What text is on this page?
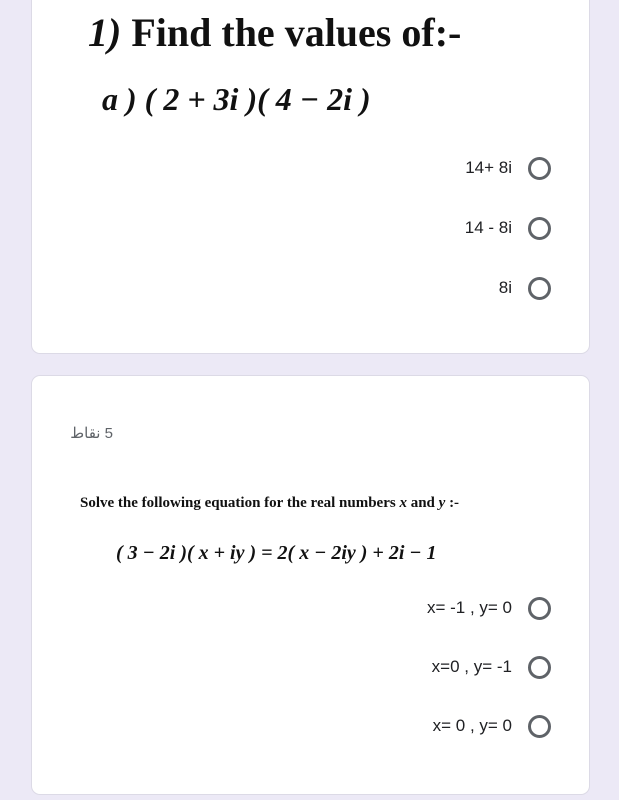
1) Find the values of:-
a ) ( 2 + 3i )( 4 − 2i )
14+ 8i
14 - 8i
8i
5 نقاط
Solve the following equation for the real numbers x and y :-
( 3 − 2i )( x + iy ) = 2( x − 2iy ) + 2i − 1
x= -1 , y= 0
x=0 , y= -1
x= 0 , y= 0
